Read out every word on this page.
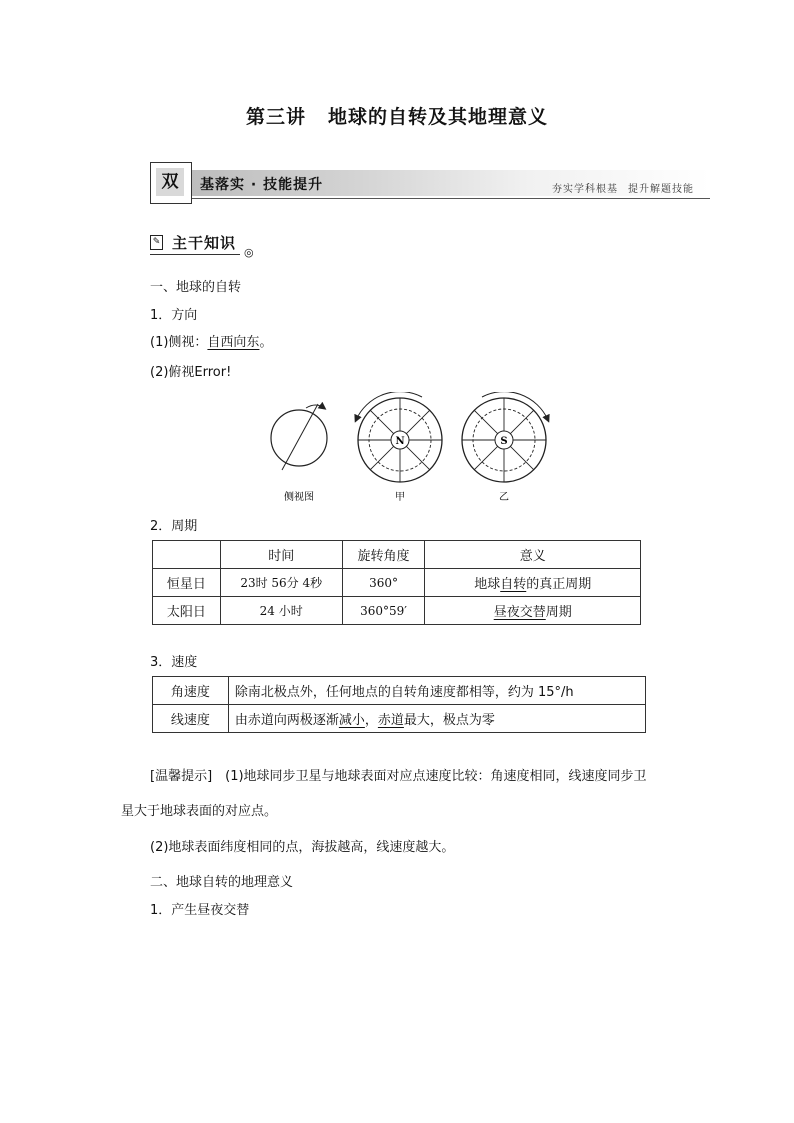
第三讲 地球的自转及其地理意义
双	基落实 · 技能提升	夯实学科根基 提升解题技能
✎ 主干知识
◎
一、地球的自转
1．方向
(1)侧视：自西向东。
(2)俯视Error!
N	S
侧视图	甲	乙
2．周期
	时间	旋转角度	意义
恒星日	23时 56分 4秒	360°	地球自转的真正周期
太阳日	24 小时	360°59′	昼夜交替周期
3．速度
角速度	除南北极点外，任何地点的自转角速度都相等，约为 15°/h
线速度	由赤道向两极逐渐减小，赤道最大，极点为零
[温馨提示]　(1)地球同步卫星与地球表面对应点速度比较：角速度相同，线速度同步卫
星大于地球表面的对应点。
(2)地球表面纬度相同的点，海拔越高，线速度越大。
二、地球自转的地理意义
1．产生昼夜交替
